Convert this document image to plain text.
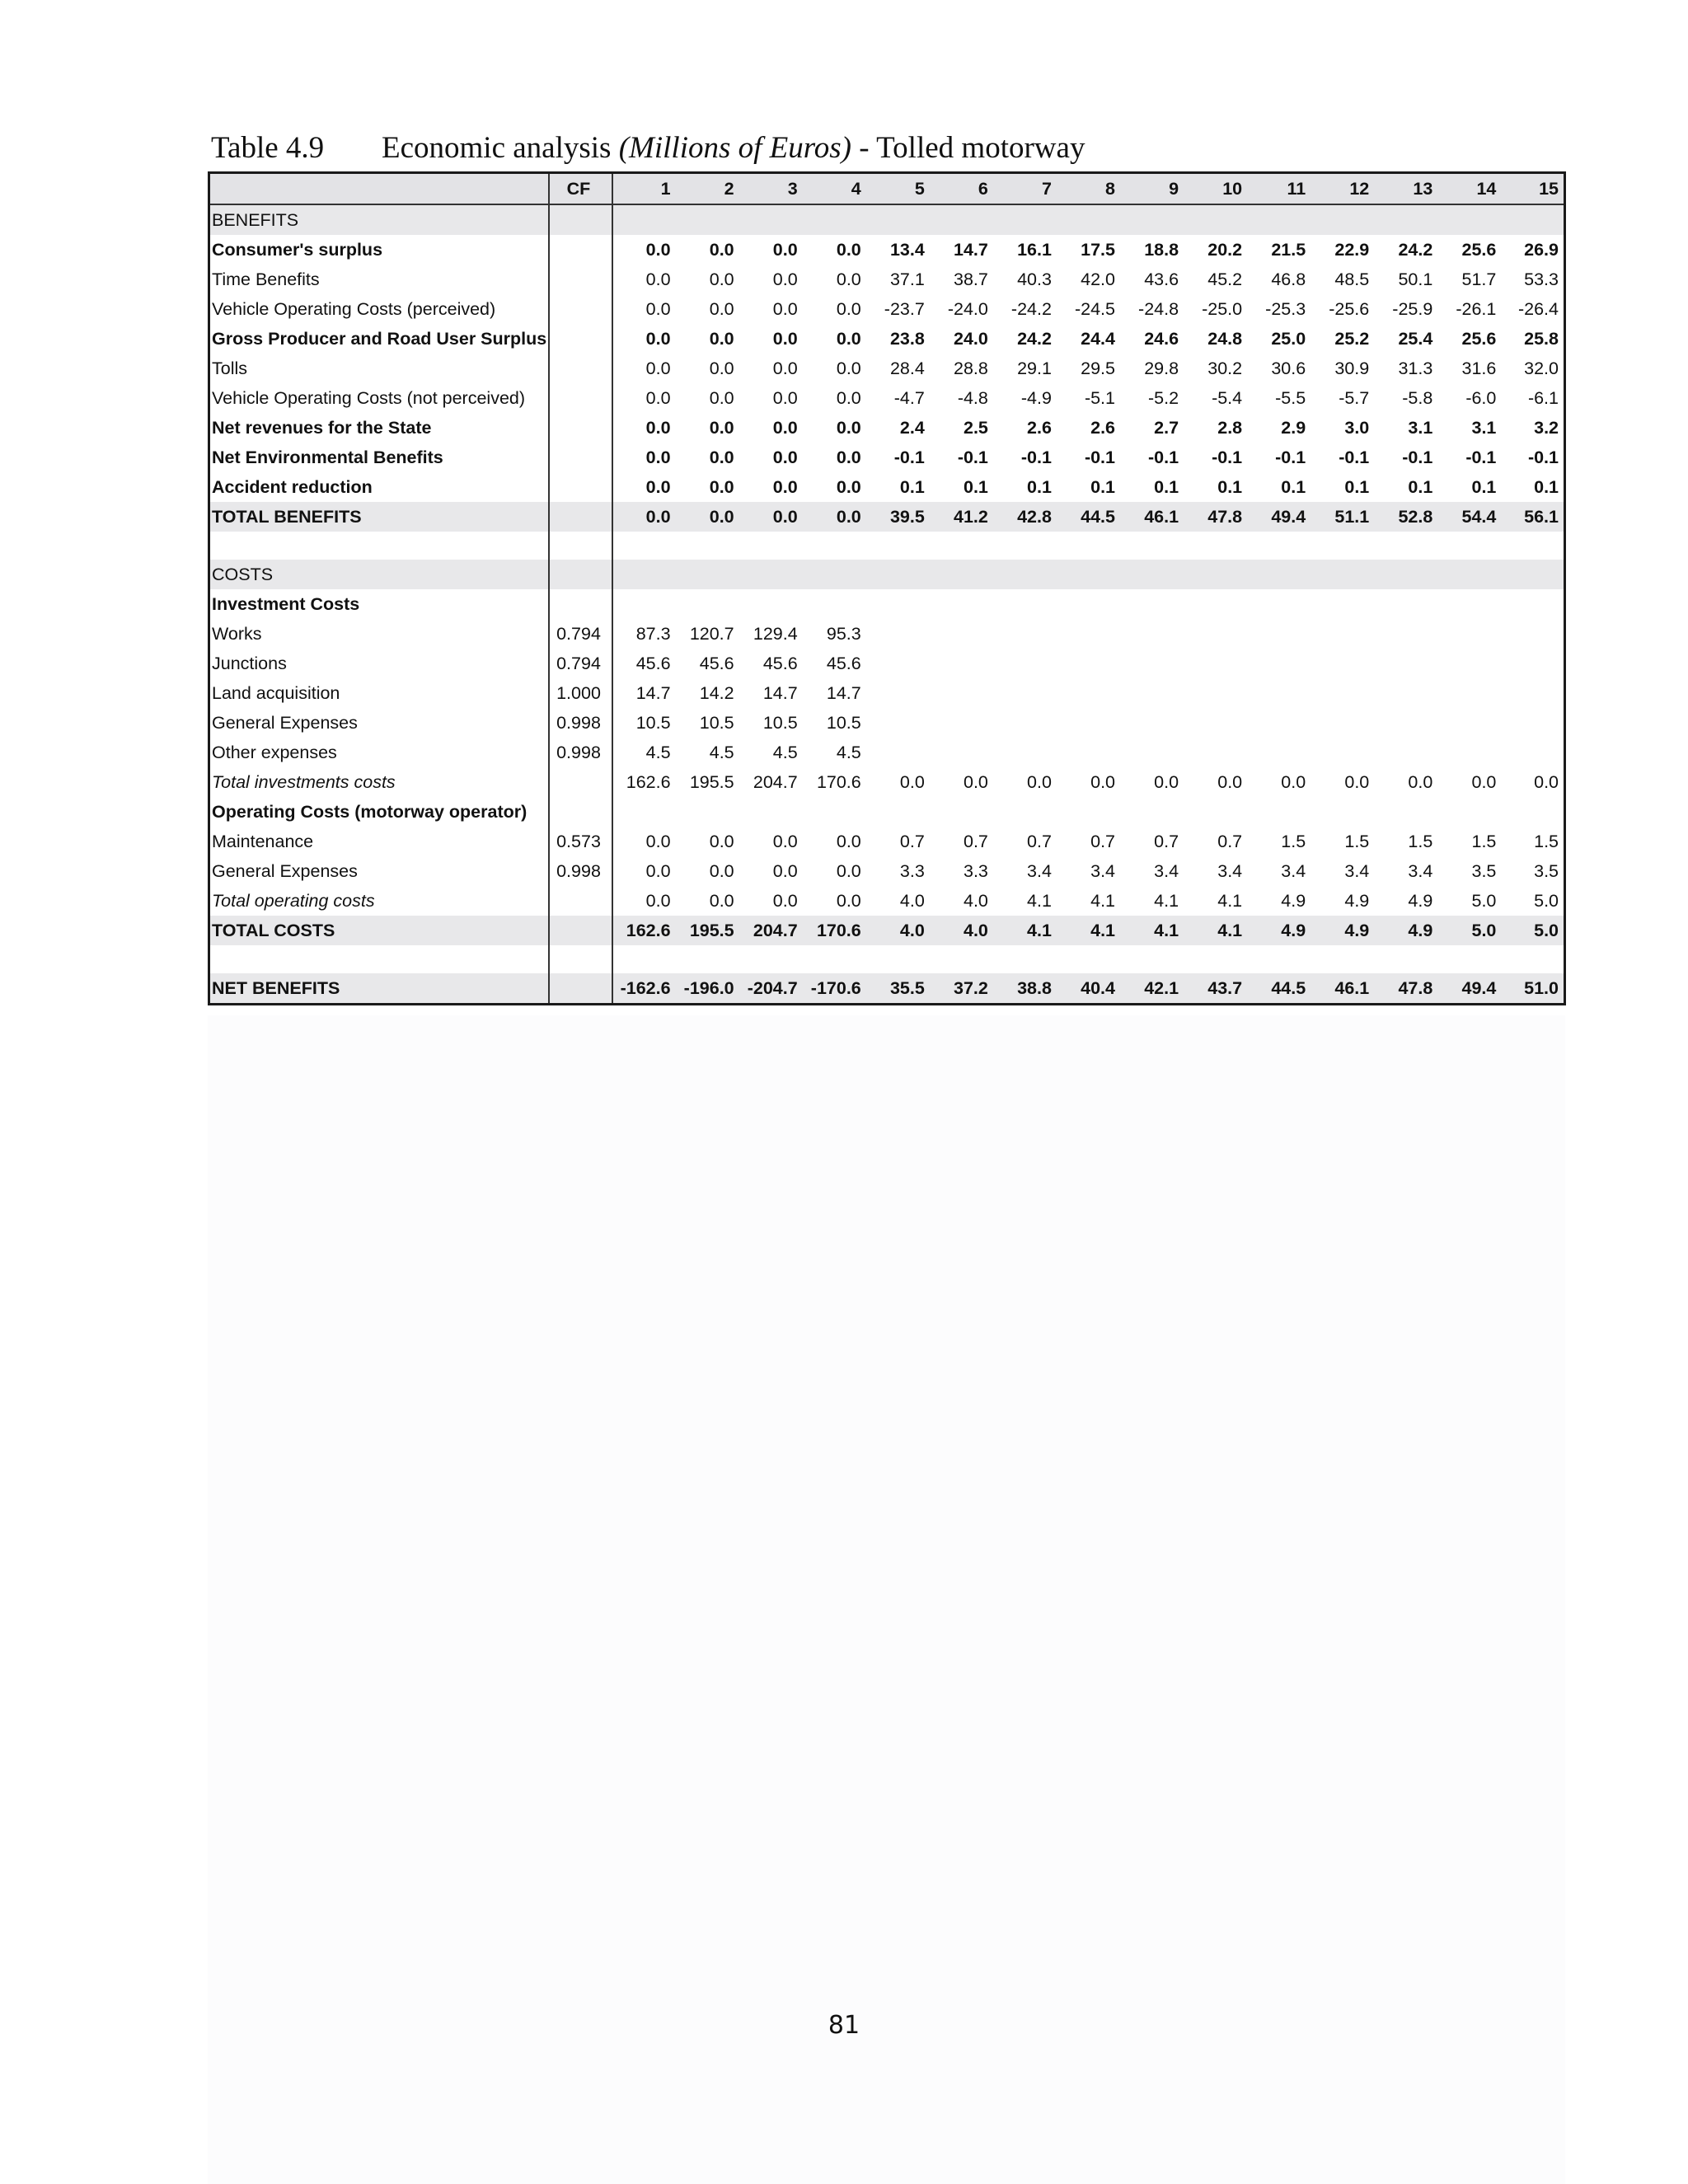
Table 4.9 Economic analysis (Millions of Euros) - Tolled motorway
	CF	1	2	3	4	5	6	7	8	9	10	11	12	13	14	15
BENEFITS																
Consumer's surplus		0.0	0.0	0.0	0.0	13.4	14.7	16.1	17.5	18.8	20.2	21.5	22.9	24.2	25.6	26.9
Time Benefits		0.0	0.0	0.0	0.0	37.1	38.7	40.3	42.0	43.6	45.2	46.8	48.5	50.1	51.7	53.3
Vehicle Operating Costs (perceived)		0.0	0.0	0.0	0.0	-23.7	-24.0	-24.2	-24.5	-24.8	-25.0	-25.3	-25.6	-25.9	-26.1	-26.4
Gross Producer and Road User Surplus		0.0	0.0	0.0	0.0	23.8	24.0	24.2	24.4	24.6	24.8	25.0	25.2	25.4	25.6	25.8
Tolls		0.0	0.0	0.0	0.0	28.4	28.8	29.1	29.5	29.8	30.2	30.6	30.9	31.3	31.6	32.0
Vehicle Operating Costs (not perceived)		0.0	0.0	0.0	0.0	-4.7	-4.8	-4.9	-5.1	-5.2	-5.4	-5.5	-5.7	-5.8	-6.0	-6.1
Net revenues for the State		0.0	0.0	0.0	0.0	2.4	2.5	2.6	2.6	2.7	2.8	2.9	3.0	3.1	3.1	3.2
Net Environmental Benefits		0.0	0.0	0.0	0.0	-0.1	-0.1	-0.1	-0.1	-0.1	-0.1	-0.1	-0.1	-0.1	-0.1	-0.1
Accident reduction		0.0	0.0	0.0	0.0	0.1	0.1	0.1	0.1	0.1	0.1	0.1	0.1	0.1	0.1	0.1
TOTAL BENEFITS		0.0	0.0	0.0	0.0	39.5	41.2	42.8	44.5	46.1	47.8	49.4	51.1	52.8	54.4	56.1

COSTS																
Investment Costs																
Works	0.794	87.3	120.7	129.4	95.3											
Junctions	0.794	45.6	45.6	45.6	45.6											
Land acquisition	1.000	14.7	14.2	14.7	14.7											
General Expenses	0.998	10.5	10.5	10.5	10.5											
Other expenses	0.998	4.5	4.5	4.5	4.5											
Total investments costs		162.6	195.5	204.7	170.6	0.0	0.0	0.0	0.0	0.0	0.0	0.0	0.0	0.0	0.0	0.0
Operating Costs (motorway operator)																
Maintenance	0.573	0.0	0.0	0.0	0.0	0.7	0.7	0.7	0.7	0.7	0.7	1.5	1.5	1.5	1.5	1.5
General Expenses	0.998	0.0	0.0	0.0	0.0	3.3	3.3	3.4	3.4	3.4	3.4	3.4	3.4	3.4	3.5	3.5
Total operating costs		0.0	0.0	0.0	0.0	4.0	4.0	4.1	4.1	4.1	4.1	4.9	4.9	4.9	5.0	5.0
TOTAL COSTS		162.6	195.5	204.7	170.6	4.0	4.0	4.1	4.1	4.1	4.1	4.9	4.9	4.9	5.0	5.0

NET BENEFITS		-162.6	-196.0	-204.7	-170.6	35.5	37.2	38.8	40.4	42.1	43.7	44.5	46.1	47.8	49.4	51.0
81
